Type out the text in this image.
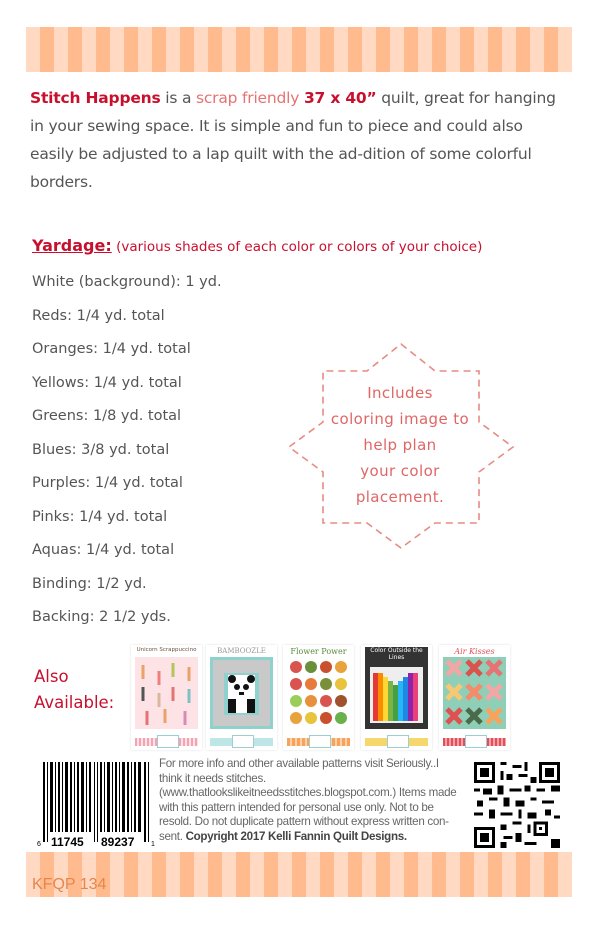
Stitch Happens is a scrap friendly 37 x 40” quilt, great for hanging in your sewing space. It is simple and fun to piece and could also easily be adjusted to a lap quilt with the ad-dition of some colorful borders.

Yardage: (various shades of each color or colors of your choice)
White (background): 1 yd.
Reds: 1/4 yd. total
Oranges: 1/4 yd. total
Yellows: 1/4 yd. total
Greens: 1/8 yd. total
Blues: 3/8 yd. total
Purples: 1/4 yd. total
Pinks: 1/4 yd. total
Aquas: 1/4 yd. total
Binding: 1/2 yd.
Backing: 2 1/2 yds.
Includes
coloring image to
help plan
your color
placement.
Also
Available:
Unicorn Scrappuccino	BAMBOOZLE	Flower Power	Color Outside the Lines
Air Kisses
6 11745 89237 1
For more info and other available patterns visit Seriously..I think it needs stitches. (www.thatlookslikeitneedsstitches.blogspot.com.) Items made with this pattern intended for personal use only. Not to be resold. Do not duplicate pattern without express written con-sent. Copyright 2017 Kelli Fannin Quilt Designs.
KFQP 134
